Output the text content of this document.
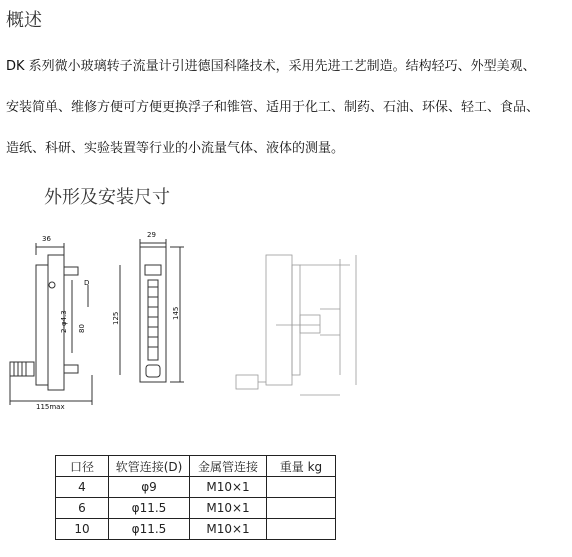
概述
DK 系列微小玻璃转子流量计引进德国科隆技术，采用先进工艺制造。结构轻巧、外型美观、
安装简单、维修方便可方便更换浮子和锥管、适用于化工、制药、石油、环保、轻工、食品、
造纸、科研、实验装置等行业的小流量气体、液体的测量。
外形及安装尺寸
36	29
D
2-φ4.3 80
125	145
115max
口径	软管连接(D)	金属管连接	重量 kg
4	φ9	M10×1	
6	φ11.5	M10×1	
10	φ11.5	M10×1	
